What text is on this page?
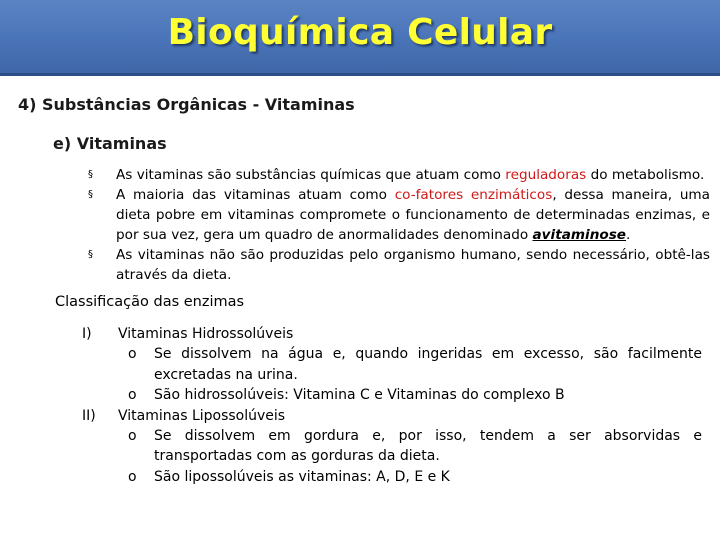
Bioquímica Celular
4) Substâncias Orgânicas - Vitaminas
e) Vitaminas
§ As vitaminas são substâncias químicas que atuam como reguladoras do metabolismo.
§ A maioria das vitaminas atuam como co-fatores enzimáticos, dessa maneira, uma dieta pobre em vitaminas compromete o funcionamento de determinadas enzimas, e por sua vez, gera um quadro de anormalidades denominado avitaminose.
§ As vitaminas não são produzidas pelo organismo humano, sendo necessário, obtê-las através da dieta.
Classificação das enzimas
I) Vitaminas Hidrossolúveis
o Se dissolvem na água e, quando ingeridas em excesso, são facilmente excretadas na urina.
o São hidrossolúveis: Vitamina C e Vitaminas do complexo B
II) Vitaminas Lipossolúveis
o Se dissolvem em gordura e, por isso, tendem a ser absorvidas e transportadas com as gorduras da dieta.
o São lipossolúveis as vitaminas: A, D, E e K
